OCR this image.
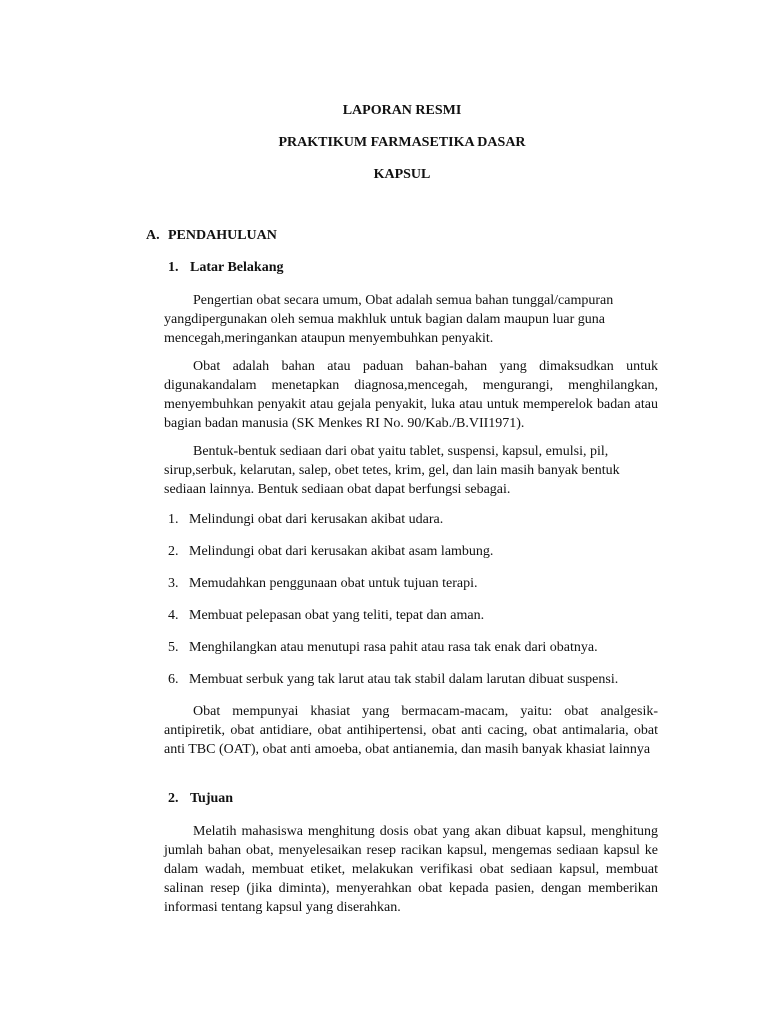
LAPORAN RESMI

PRAKTIKUM FARMASETIKA DASAR

KAPSUL

A. PENDAHULUAN
1. Latar Belakang

Pengertian obat secara umum, Obat adalah semua bahan tunggal/campuran yangdipergunakan oleh semua makhluk untuk bagian dalam maupun luar guna mencegah,meringankan ataupun menyembuhkan penyakit.

Obat adalah bahan atau paduan bahan-bahan yang dimaksudkan untuk digunakandalam menetapkan diagnosa,mencegah, mengurangi, menghilangkan, menyembuhkan penyakit atau gejala penyakit, luka atau untuk memperelok badan atau bagian badan manusia (SK Menkes RI No. 90/Kab./B.VII1971).

Bentuk-bentuk sediaan dari obat yaitu tablet, suspensi, kapsul, emulsi, pil, sirup,serbuk, kelarutan, salep, obet tetes, krim, gel, dan lain masih banyak bentuk sediaan lainnya. Bentuk sediaan obat dapat berfungsi sebagai.

1. Melindungi obat dari kerusakan akibat udara.
2. Melindungi obat dari kerusakan akibat asam lambung.
3. Memudahkan penggunaan obat untuk tujuan terapi.
4. Membuat pelepasan obat yang teliti, tepat dan aman.
5. Menghilangkan atau menutupi rasa pahit atau rasa tak enak dari obatnya.
6. Membuat serbuk yang tak larut atau tak stabil dalam larutan dibuat suspensi.

Obat mempunyai khasiat yang bermacam-macam, yaitu: obat analgesik-antipiretik, obat antidiare, obat antihipertensi, obat anti cacing, obat antimalaria, obat anti TBC (OAT), obat anti amoeba, obat antianemia, dan masih banyak khasiat lainnya

2. Tujuan

Melatih mahasiswa menghitung dosis obat yang akan dibuat kapsul, menghitung jumlah bahan obat, menyelesaikan resep racikan kapsul, mengemas sediaan kapsul ke dalam wadah, membuat etiket, melakukan verifikasi obat sediaan kapsul, membuat salinan resep (jika diminta), menyerahkan obat kepada pasien, dengan memberikan informasi tentang kapsul yang diserahkan.
